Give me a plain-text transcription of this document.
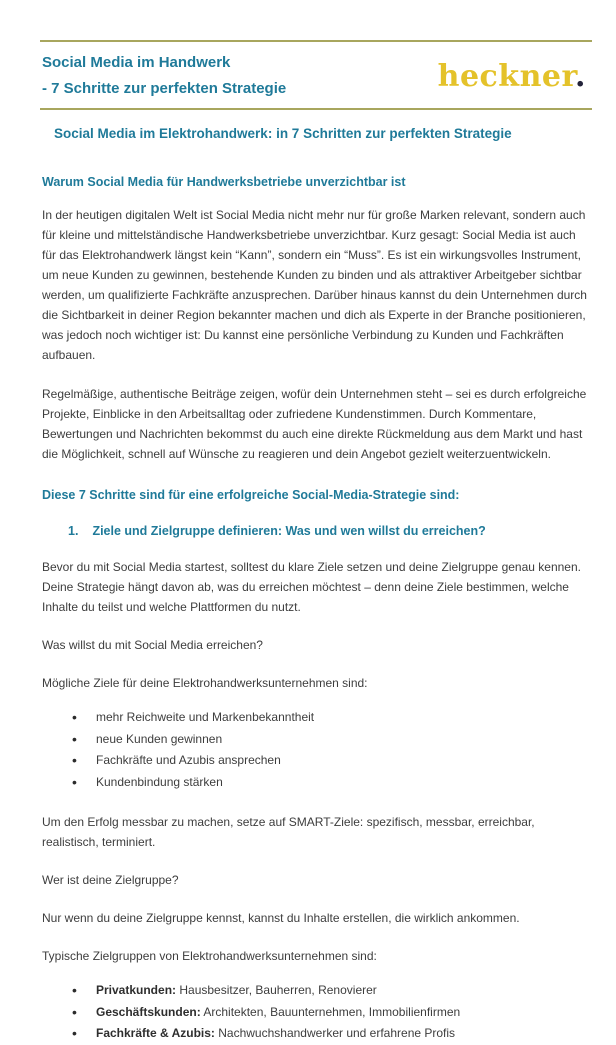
Social Media im Handwerk
- 7 Schritte zur perfekten Strategie	heckner.
Social Media im Elektrohandwerk: in 7 Schritten zur perfekten Strategie
Warum Social Media für Handwerksbetriebe unverzichtbar ist

In der heutigen digitalen Welt ist Social Media nicht mehr nur für große Marken relevant, sondern auch für kleine und mittelständische Handwerksbetriebe unverzichtbar. Kurz gesagt: Social Media ist auch für das Elektrohandwerk längst kein “Kann”, sondern ein “Muss”. Es ist ein wirkungsvolles Instrument, um neue Kunden zu gewinnen, bestehende Kunden zu binden und als attraktiver Arbeitgeber sichtbar werden, um qualifizierte Fachkräfte anzusprechen. Darüber hinaus kannst du dein Unternehmen durch die Sichtbarkeit in deiner Region bekannter machen und dich als Experte in der Branche positionieren, was jedoch noch wichtiger ist: Du kannst eine persönliche Verbindung zu Kunden und Fachkräften aufbauen.

Regelmäßige, authentische Beiträge zeigen, wofür dein Unternehmen steht – sei es durch erfolgreiche Projekte, Einblicke in den Arbeitsalltag oder zufriedene Kundenstimmen. Durch Kommentare, Bewertungen und Nachrichten bekommst du auch eine direkte Rückmeldung aus dem Markt und hast die Möglichkeit, schnell auf Wünsche zu reagieren und dein Angebot gezielt weiterzuentwickeln.

Diese 7 Schritte sind für eine erfolgreiche Social-Media-Strategie sind:
1. Ziele und Zielgruppe definieren: Was und wen willst du erreichen?

Bevor du mit Social Media startest, solltest du klare Ziele setzen und deine Zielgruppe genau kennen. Deine Strategie hängt davon ab, was du erreichen möchtest – denn deine Ziele bestimmen, welche Inhalte du teilst und welche Plattformen du nutzt.

Was willst du mit Social Media erreichen?

Mögliche Ziele für deine Elektrohandwerksunternehmen sind:

• mehr Reichweite und Markenbekanntheit
• neue Kunden gewinnen
• Fachkräfte und Azubis ansprechen
• Kundenbindung stärken

Um den Erfolg messbar zu machen, setze auf SMART-Ziele: spezifisch, messbar, erreichbar, realistisch, terminiert.

Wer ist deine Zielgruppe?

Nur wenn du deine Zielgruppe kennst, kannst du Inhalte erstellen, die wirklich ankommen.

Typische Zielgruppen von Elektrohandwerksunternehmen sind:

• Privatkunden: Hausbesitzer, Bauherren, Renovierer
• Geschäftskunden: Architekten, Bauunternehmen, Immobilienfirmen
• Fachkräfte & Azubis: Nachwuchshandwerker und erfahrene Profis
